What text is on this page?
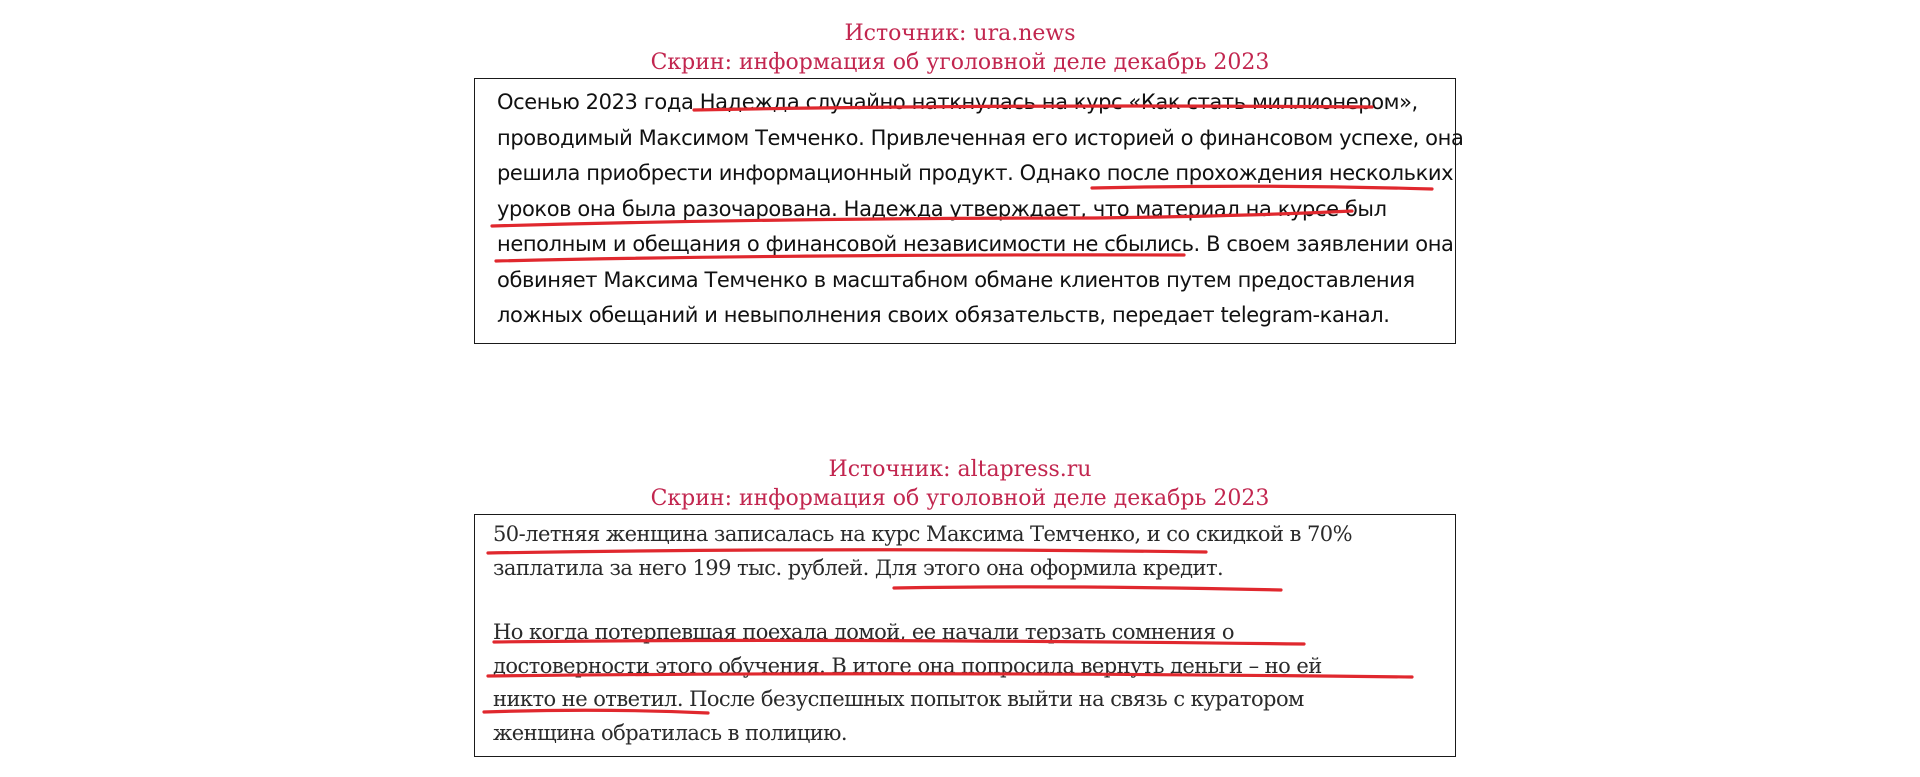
Источник: ura.news
Скрин: информация об уголовной деле декабрь 2023
Осенью 2023 года Надежда случайно наткнулась на курс «Как стать миллионером»,
проводимый Максимом Темченко. Привлеченная его историей о финансовом успехе, она
решила приобрести информационный продукт. Однако после прохождения нескольких
уроков она была разочарована. Надежда утверждает, что материал на курсе был
неполным и обещания о финансовой независимости не сбылись. В своем заявлении она
обвиняет Максима Темченко в масштабном обмане клиентов путем предоставления
ложных обещаний и невыполнения своих обязательств, передает telegram-канал.
Источник: altapress.ru
Скрин: информация об уголовной деле декабрь 2023
50-летняя женщина записалась на курс Максима Темченко, и со скидкой в 70%
заплатила за него 199 тыс. рублей. Для этого она оформила кредит.
Но когда потерпевшая поехала домой, ее начали терзать сомнения о
достоверности этого обучения. В итоге она попросила вернуть деньги – но ей
никто не ответил. После безуспешных попыток выйти на связь с куратором
женщина обратилась в полицию.
